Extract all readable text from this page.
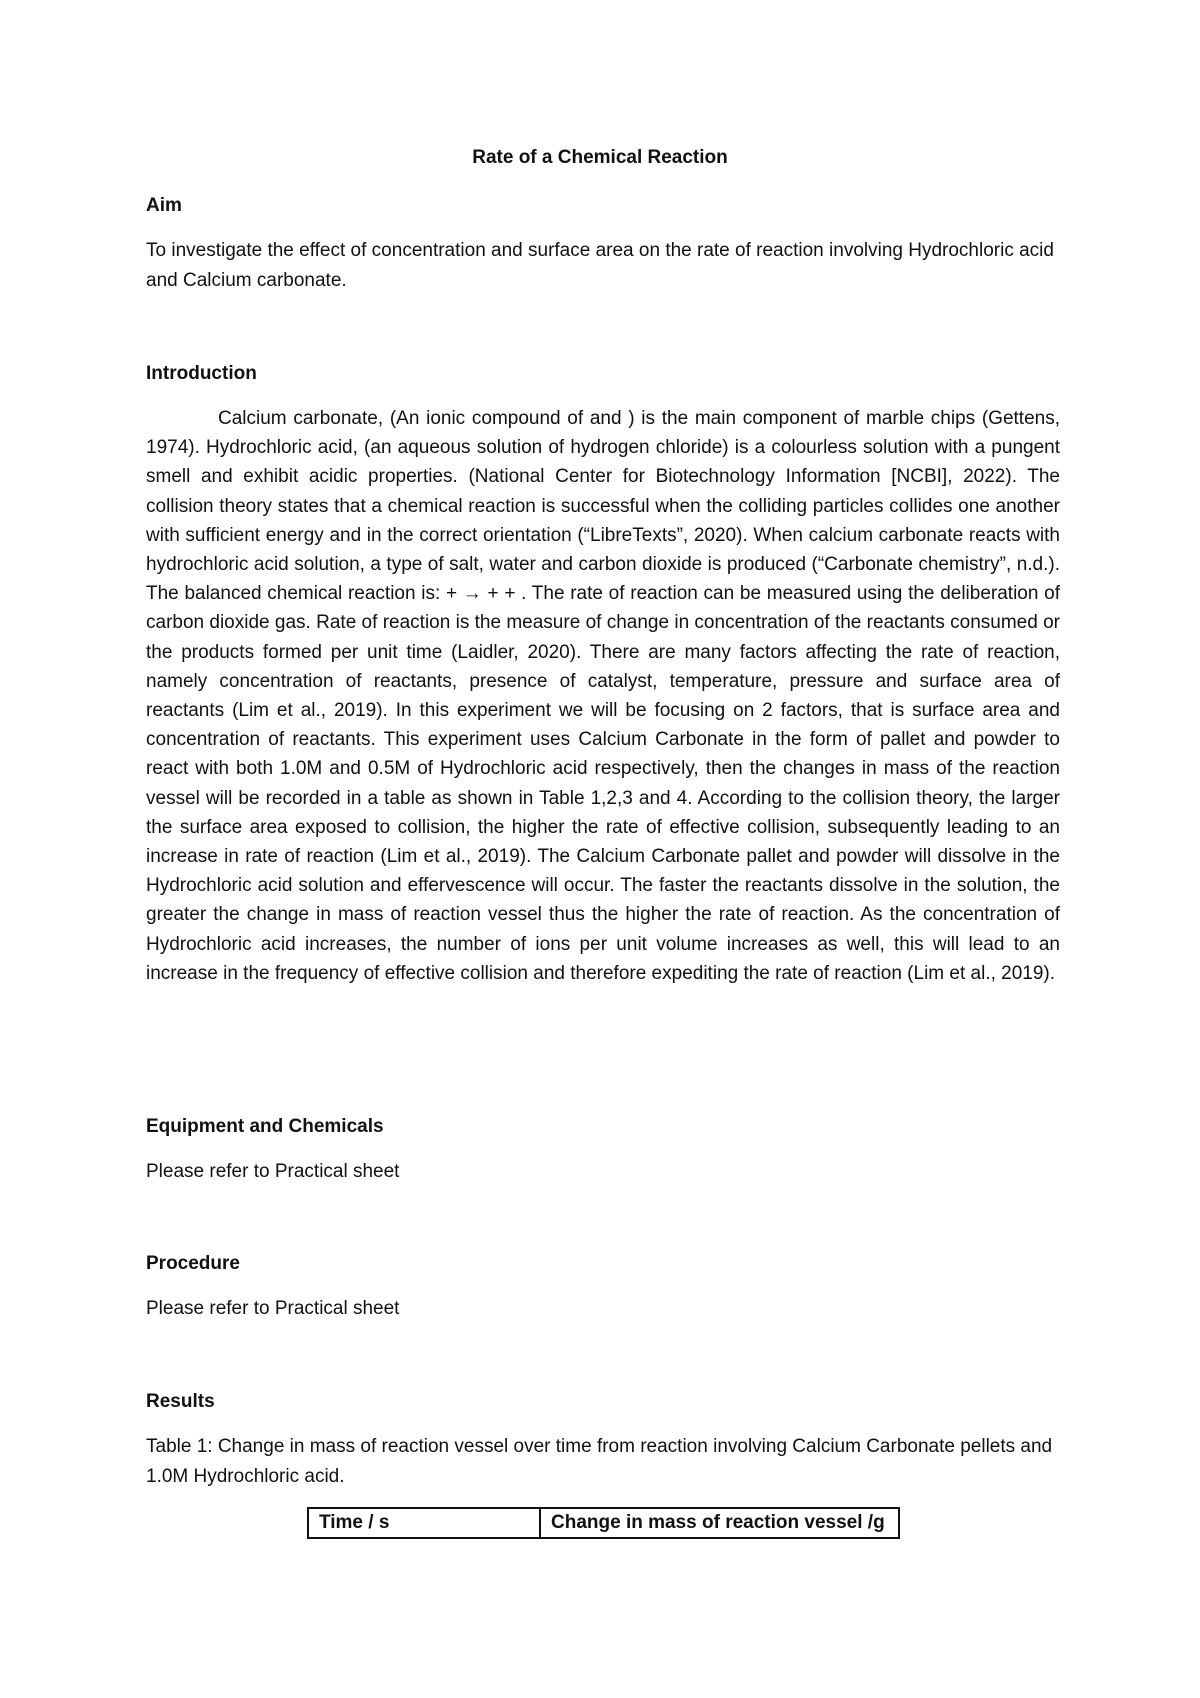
Rate of a Chemical Reaction
Aim

To investigate the effect of concentration and surface area on the rate of reaction involving Hydrochloric acid and Calcium carbonate.

Introduction

Calcium carbonate, (An ionic compound of and ) is the main component of marble chips (Gettens, 1974). Hydrochloric acid, (an aqueous solution of hydrogen chloride) is a colourless solution with a pungent smell and exhibit acidic properties. (National Center for Biotechnology Information [NCBI], 2022). The collision theory states that a chemical reaction is successful when the colliding particles collides one another with sufficient energy and in the correct orientation (“LibreTexts”, 2020). When calcium carbonate reacts with hydrochloric acid solution, a type of salt, water and carbon dioxide is produced (“Carbonate chemistry”, n.d.). The balanced chemical reaction is: + → + + . The rate of reaction can be measured using the deliberation of carbon dioxide gas. Rate of reaction is the measure of change in concentration of the reactants consumed or the products formed per unit time (Laidler, 2020). There are many factors affecting the rate of reaction, namely concentration of reactants, presence of catalyst, temperature, pressure and surface area of reactants (Lim et al., 2019). In this experiment we will be focusing on 2 factors, that is surface area and concentration of reactants. This experiment uses Calcium Carbonate in the form of pallet and powder to react with both 1.0M and 0.5M of Hydrochloric acid respectively, then the changes in mass of the reaction vessel will be recorded in a table as shown in Table 1,2,3 and 4. According to the collision theory, the larger the surface area exposed to collision, the higher the rate of effective collision, subsequently leading to an increase in rate of reaction (Lim et al., 2019). The Calcium Carbonate pallet and powder will dissolve in the Hydrochloric acid solution and effervescence will occur. The faster the reactants dissolve in the solution, the greater the change in mass of reaction vessel thus the higher the rate of reaction. As the concentration of Hydrochloric acid increases, the number of ions per unit volume increases as well, this will lead to an increase in the frequency of effective collision and therefore expediting the rate of reaction (Lim et al., 2019).

Equipment and Chemicals

Please refer to Practical sheet

Procedure

Please refer to Practical sheet

Results

Table 1: Change in mass of reaction vessel over time from reaction involving Calcium Carbonate pellets and 1.0M Hydrochloric acid.

Time / s	Change in mass of reaction vessel /g
